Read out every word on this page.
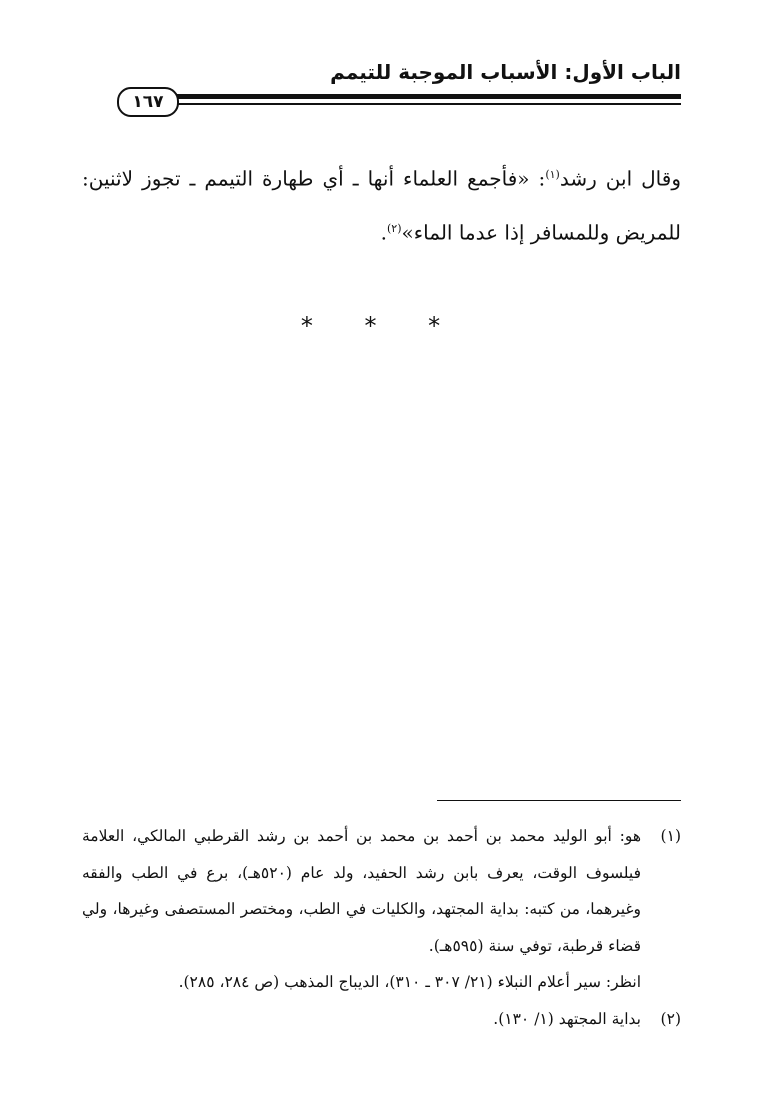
الباب الأول: الأسباب الموجبة للتيمم
١٦٧
وقال ابن رشد$^{(١)}$: «فأجمع العلماء أنها ـ أي طهارة التيمم ـ تجوز لاثنين: للمريض وللمسافر إذا عدما الماء»$^{(٢)}$.
* * *
(١)
هو: أبو الوليد محمد بن أحمد بن محمد بن أحمد بن رشد القرطبي المالكي، العلامة فيلسوف الوقت، يعرف بابن رشد الحفيد، ولد عام (٥٢٠هـ)، برع في الطب والفقه وغيرهما، من كتبه: بداية المجتهد، والكليات في الطب، ومختصر المستصفى وغيرها، ولي قضاء قرطبة، توفي سنة (٥٩٥هـ).
انظر: سير أعلام النبلاء (٢١/ ٣٠٧ ـ ٣١٠)، الديباج المذهب (ص ٢٨٤، ٢٨٥).
(٢)
بداية المجتهد (١/ ١٣٠).
